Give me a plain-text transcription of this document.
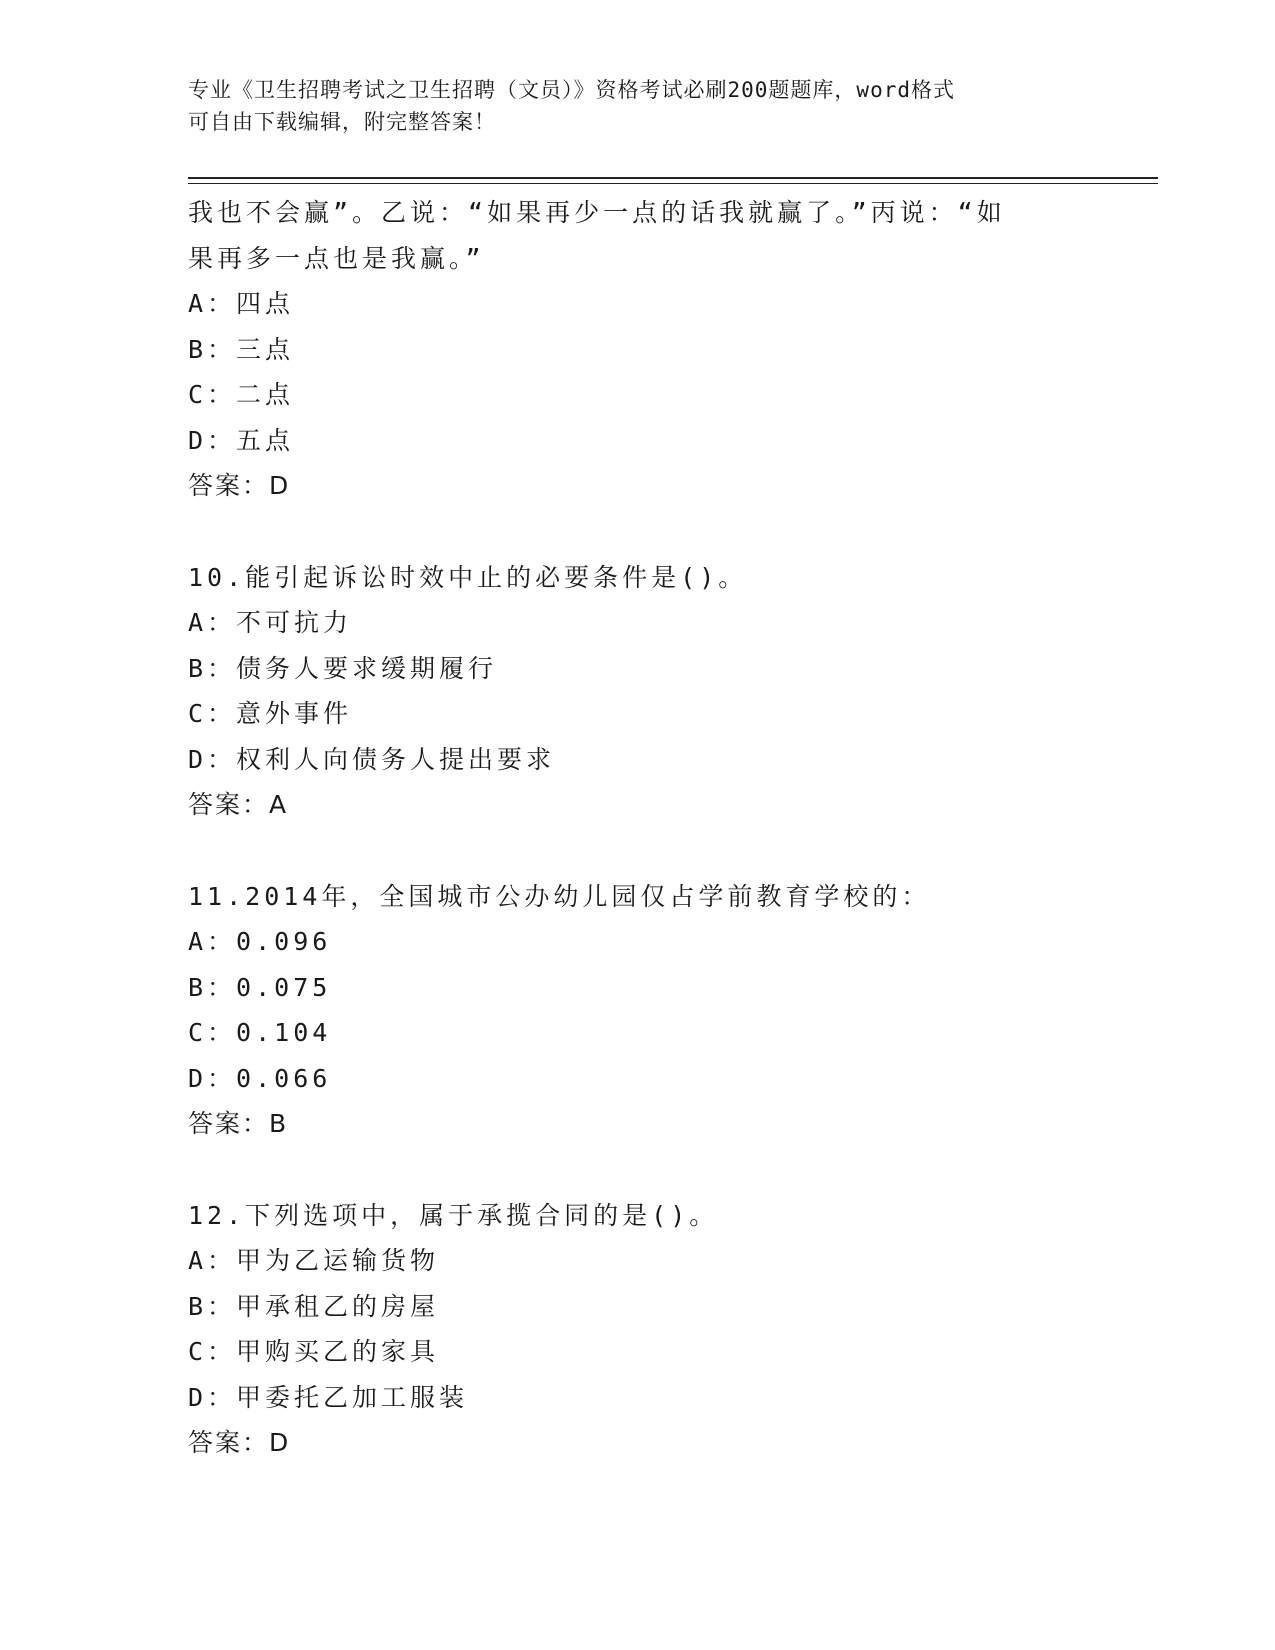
专业《卫生招聘考试之卫生招聘（文员）》资格考试必刷200题题库，word格式
可自由下载编辑，附完整答案！
我也不会赢”。乙说：“如果再少一点的话我就赢了。”丙说：“如
果再多一点也是我赢。”
A：四点
B：三点
C：二点
D：五点
答案：D
10.能引起诉讼时效中止的必要条件是()。
A：不可抗力
B：债务人要求缓期履行
C：意外事件
D：权利人向债务人提出要求
答案：A
11.2014年，全国城市公办幼儿园仅占学前教育学校的：
A：0.096
B：0.075
C：0.104
D：0.066
答案：B
12.下列选项中，属于承揽合同的是()。
A：甲为乙运输货物
B：甲承租乙的房屋
C：甲购买乙的家具
D：甲委托乙加工服装
答案：D
